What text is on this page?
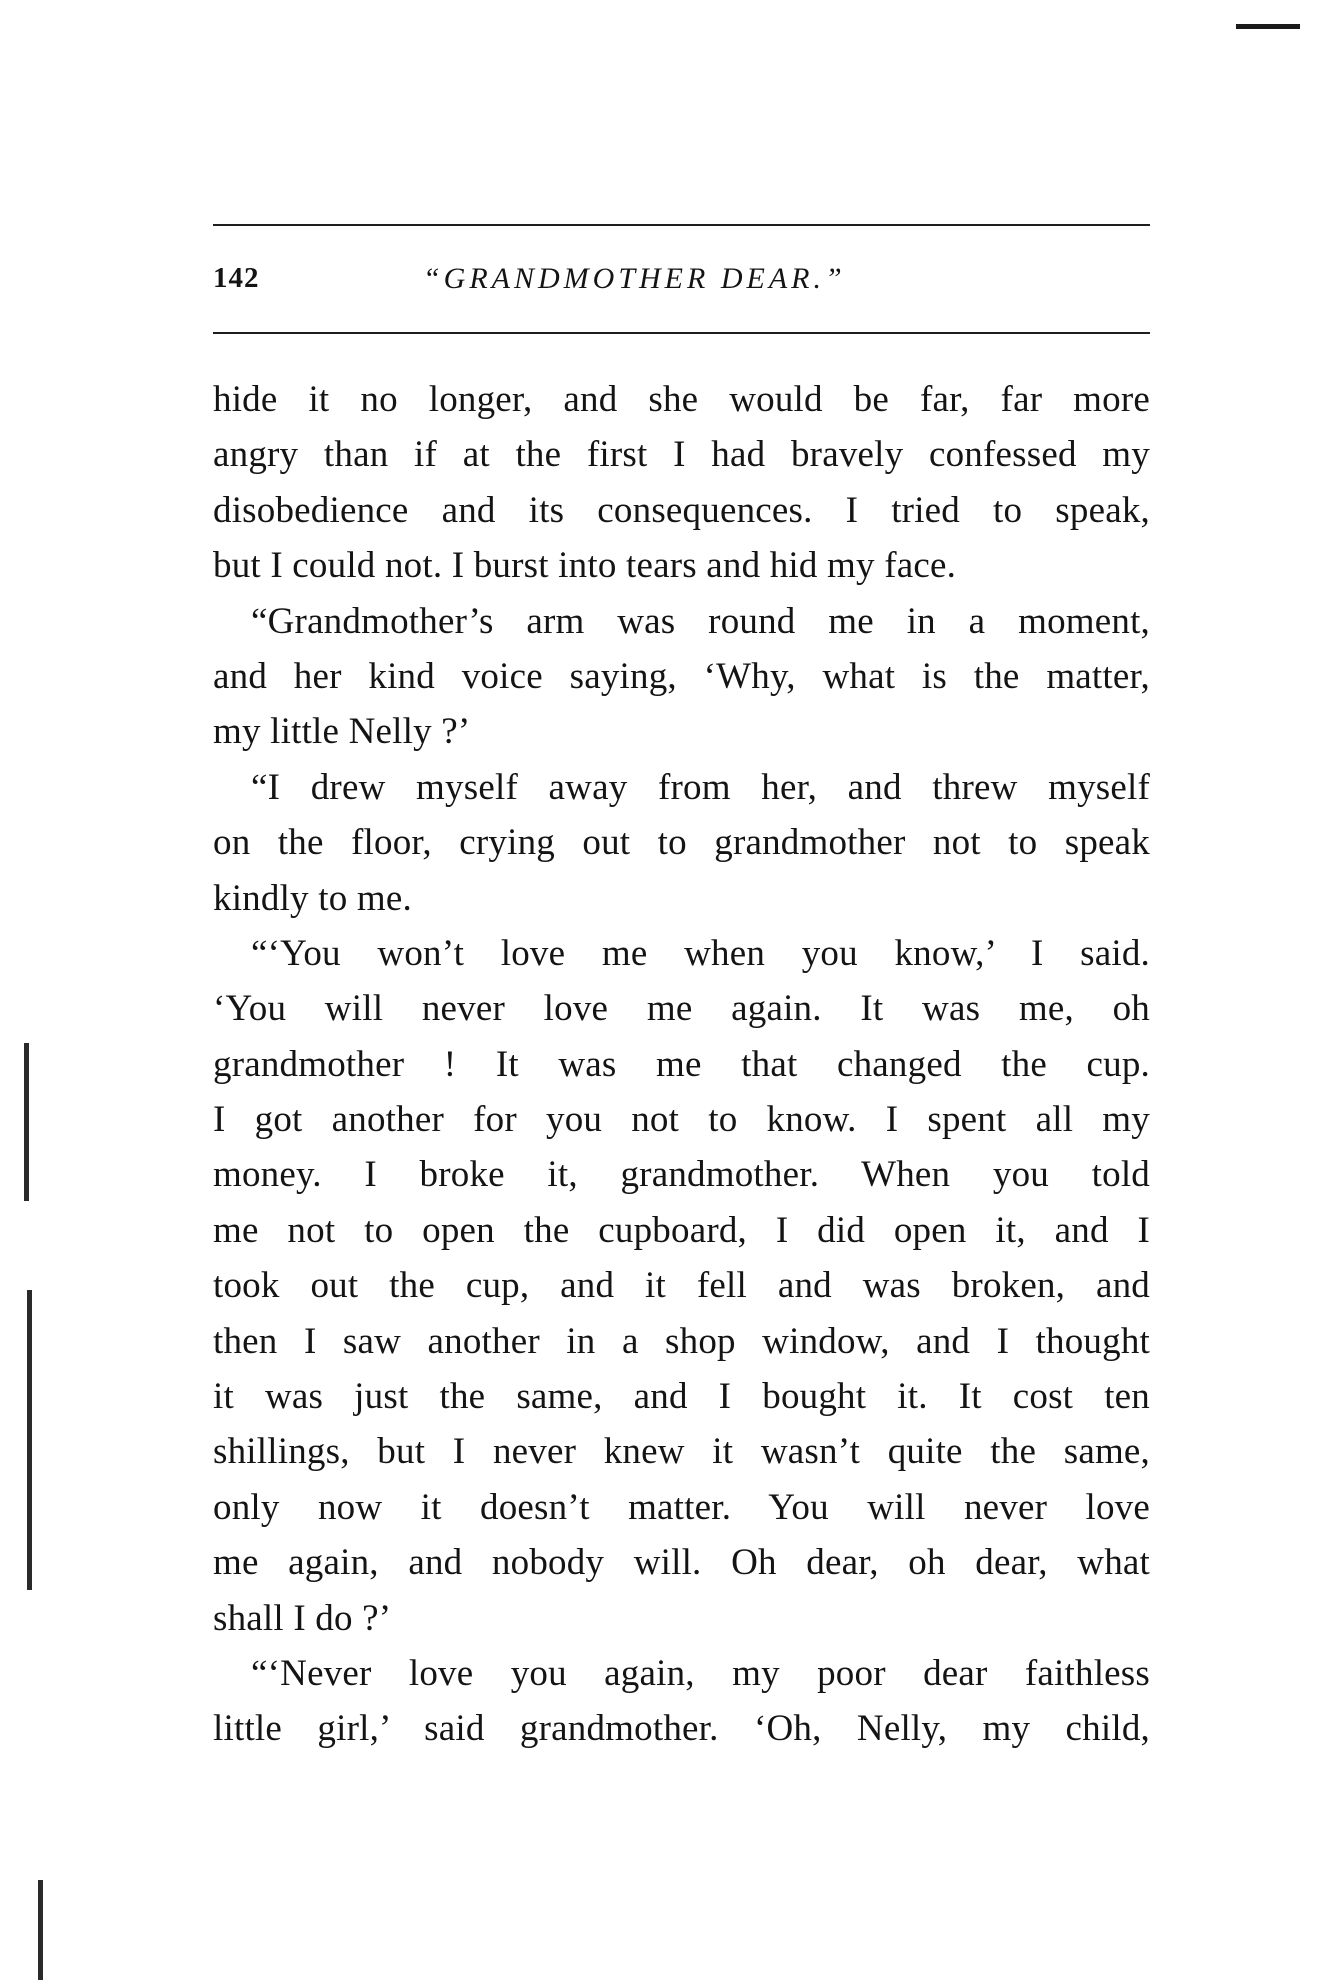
142	“GRANDMOTHER DEAR.”
hide it no longer, and she would be far, far more
angry than if at the first I had bravely confessed my
disobedience and its consequences. I tried to speak,
but I could not. I burst into tears and hid my face.
“Grandmother’s arm was round me in a moment,
and her kind voice saying, ‘Why, what is the matter,
my little Nelly ?’
“I drew myself away from her, and threw myself
on the floor, crying out to grandmother not to speak
kindly to me.
“‘You won’t love me when you know,’ I said.
‘You will never love me again. It was me, oh
grandmother ! It was me that changed the cup.
I got another for you not to know. I spent all my
money. I broke it, grandmother. When you told
me not to open the cupboard, I did open it, and I
took out the cup, and it fell and was broken, and
then I saw another in a shop window, and I thought
it was just the same, and I bought it. It cost ten
shillings, but I never knew it wasn’t quite the same,
only now it doesn’t matter. You will never love
me again, and nobody will. Oh dear, oh dear, what
shall I do ?’
“‘Never love you again, my poor dear faithless
little girl,’ said grandmother. ‘Oh, Nelly, my child,
